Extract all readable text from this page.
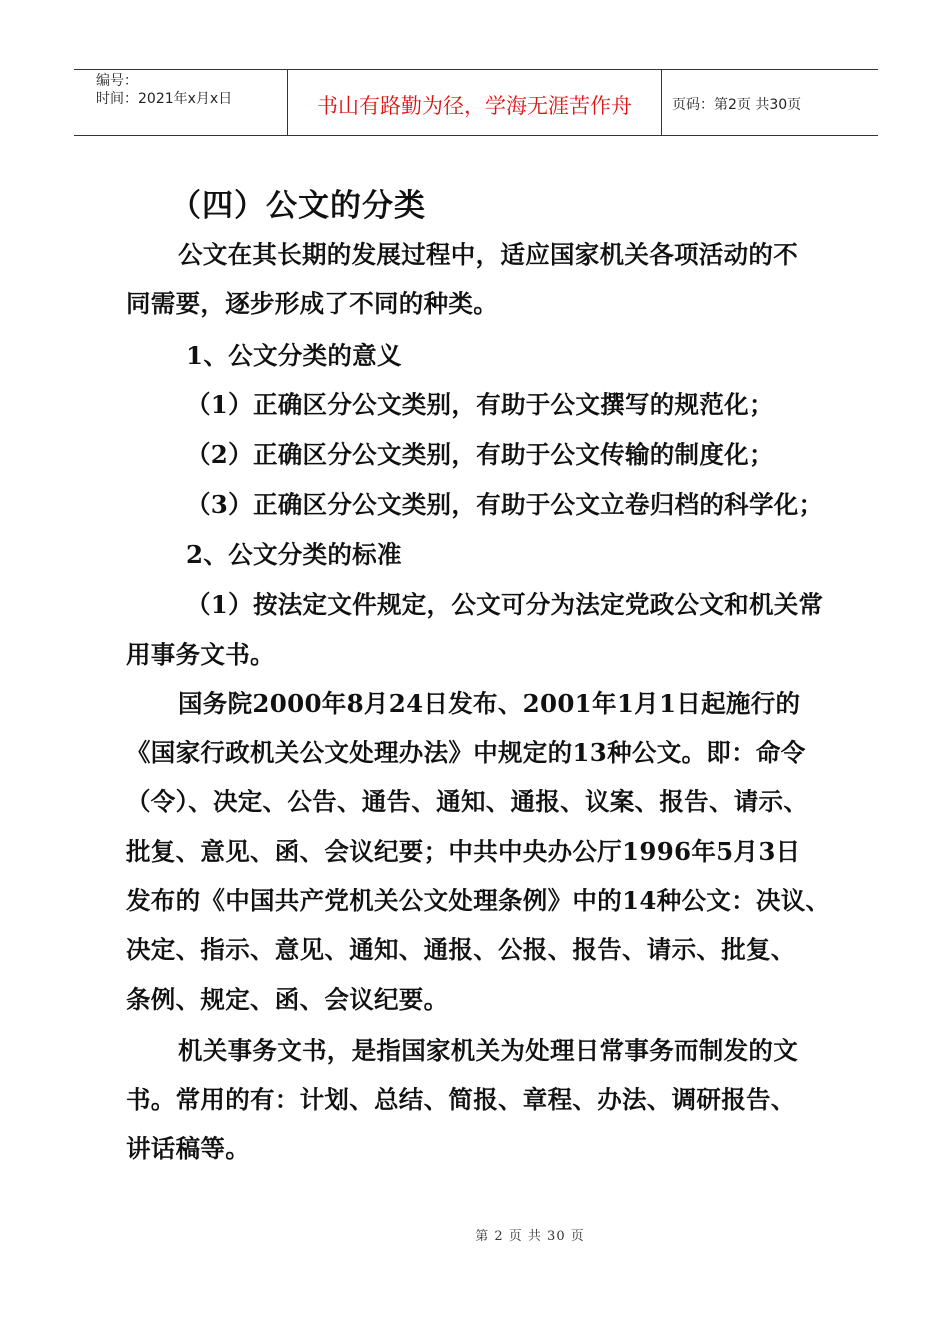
编号：
时间：2021年x月x日	书山有路勤为径，学海无涯苦作舟	页码：第2页 共30页
（四）公文的分类
公文在其长期的发展过程中，适应国家机关各项活动的不
同需要，逐步形成了不同的种类。
1、公文分类的意义
（1）正确区分公文类别，有助于公文撰写的规范化；
（2）正确区分公文类别，有助于公文传输的制度化；
（3）正确区分公文类别，有助于公文立卷归档的科学化；
2、公文分类的标准
（1）按法定文件规定，公文可分为法定党政公文和机关常
用事务文书。
国务院2000年8月24日发布、2001年1月1日起施行的
《国家行政机关公文处理办法》中规定的13种公文。即：命令
（令）、决定、公告、通告、通知、通报、议案、报告、请示、
批复、意见、函、会议纪要；中共中央办公厅1996年5月3日
发布的《中国共产党机关公文处理条例》中的14种公文：决议、
决定、指示、意见、通知、通报、公报、报告、请示、批复、
条例、规定、函、会议纪要。
机关事务文书，是指国家机关为处理日常事务而制发的文
书。常用的有：计划、总结、简报、章程、办法、调研报告、
讲话稿等。
第 2 页 共 30 页
